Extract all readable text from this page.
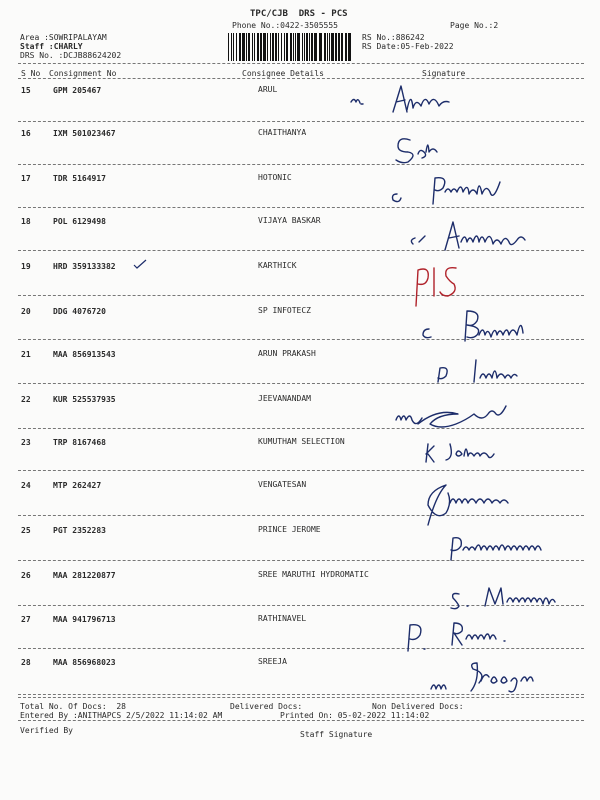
TPC/CJB  DRS - PCS
Phone No.:0422-3505555	Page No.:2
Area :SOWRIPALAYAM
Staff :CHARLY
DRS No. :DCJB88624202
RS No.:886242
RS Date:05-Feb-2022
S No Consignment No	Consignee Details	Signature
15	GPM 205467	ARUL
16	IXM 501023467	CHAITHANYA
17	TDR 5164917	HOTONIC
18	POL 6129498	VIJAYA BASKAR
19	HRD 359133382	KARTHICK
20	DDG 4076720	SP INFOTECZ
21	MAA 856913543	ARUN PRAKASH
22	KUR 525537935	JEEVANANDAM
23	TRP 8167468	KUMUTHAM SELECTION
24	MTP 262427	VENGATESAN
25	PGT 2352283	PRINCE JEROME
26	MAA 281220877	SREE MARUTHI HYDROMATIC
27	MAA 941796713	RATHINAVEL
28	MAA 856968023	SREEJA
Total No. Of Docs:  28	Delivered Docs:	Non Delivered Docs:
Entered By :ANITHAPCS 2/5/2022 11:14:02 AM	Printed On: 05-02-2022 11:14:02
Verified By	Staff Signature
